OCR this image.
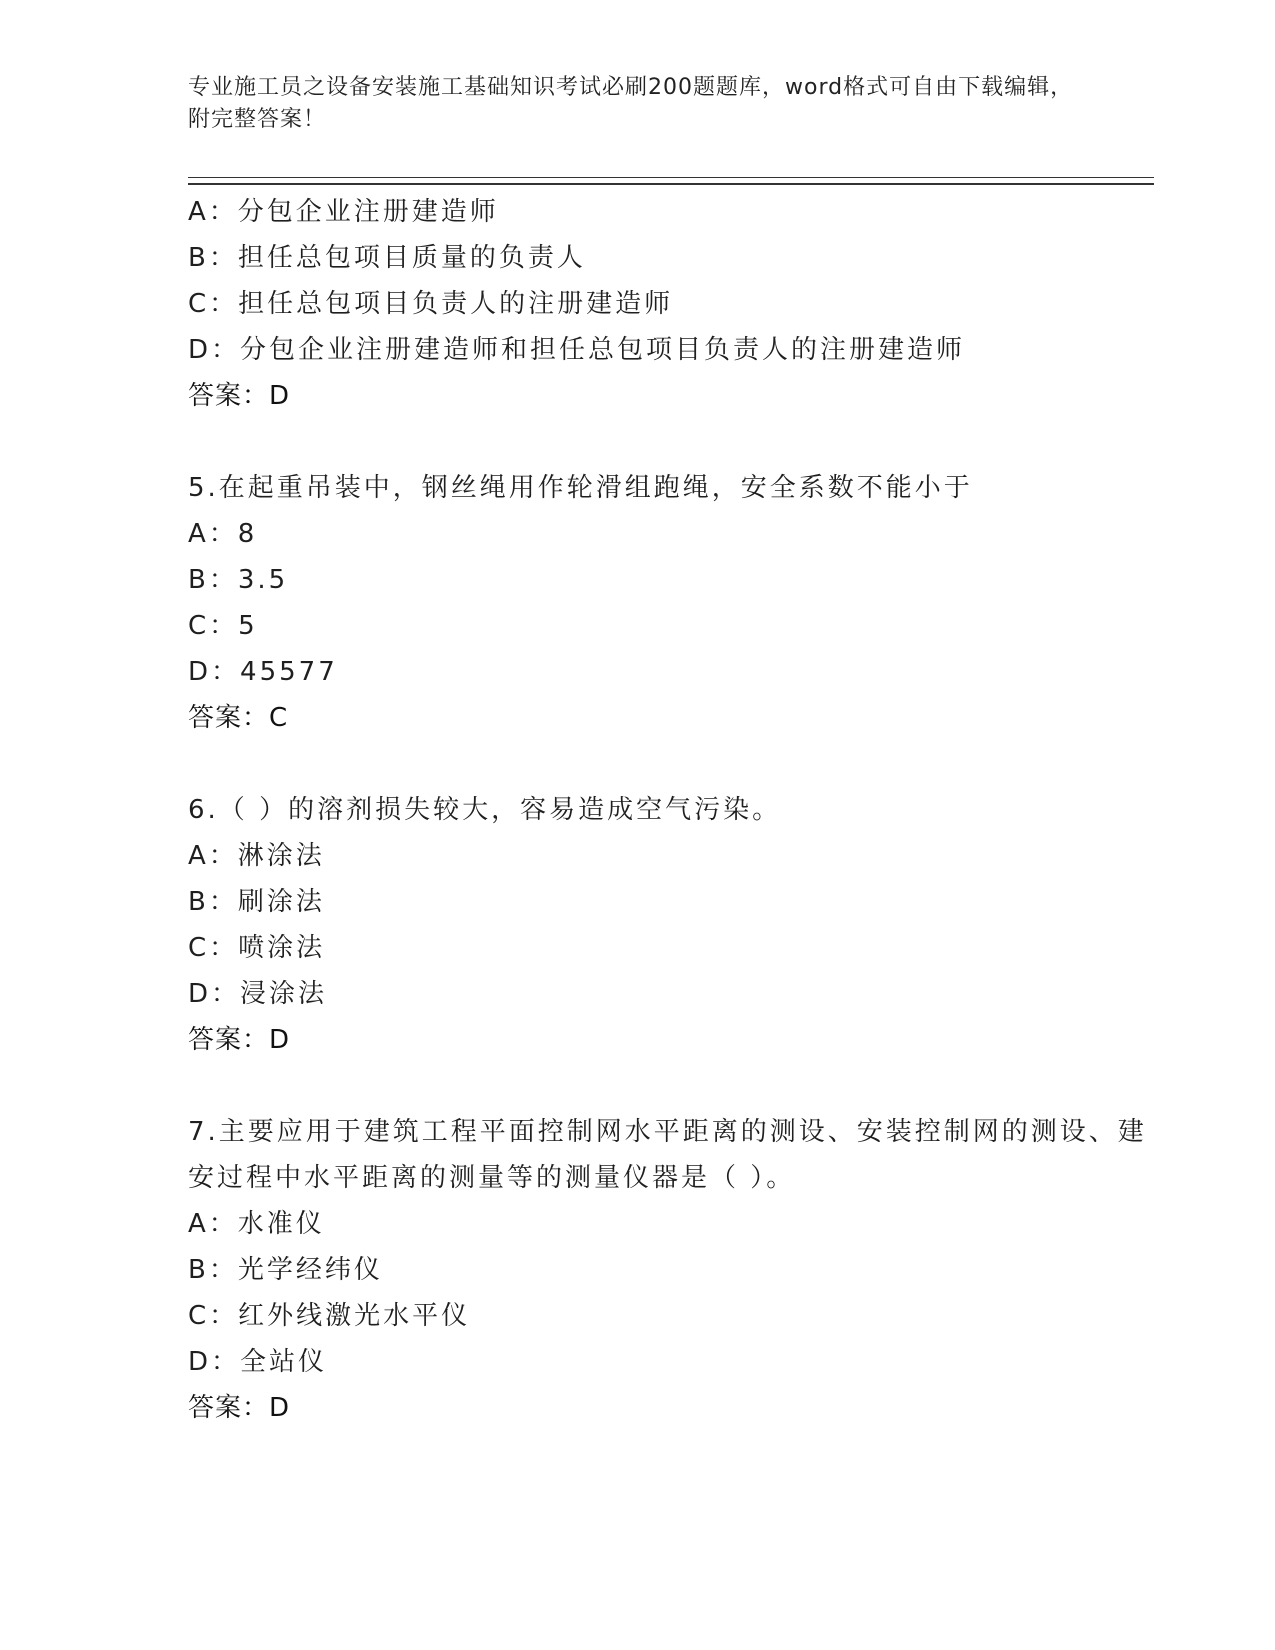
专业施工员之设备安装施工基础知识考试必刷200题题库，word格式可自由下载编辑，附完整答案！
A：分包企业注册建造师
B：担任总包项目质量的负责人
C：担任总包项目负责人的注册建造师
D：分包企业注册建造师和担任总包项目负责人的注册建造师
答案：D
5.在起重吊装中，钢丝绳用作轮滑组跑绳，安全系数不能小于
A：8
B：3.5
C：5
D：45577
答案：C
6.（ ）的溶剂损失较大，容易造成空气污染。
A：淋涂法
B：刷涂法
C：喷涂法
D：浸涂法
答案：D
7.主要应用于建筑工程平面控制网水平距离的测设、安装控制网的测设、建安过程中水平距离的测量等的测量仪器是（ ）。
A：水准仪
B：光学经纬仪
C：红外线激光水平仪
D：全站仪
答案：D
